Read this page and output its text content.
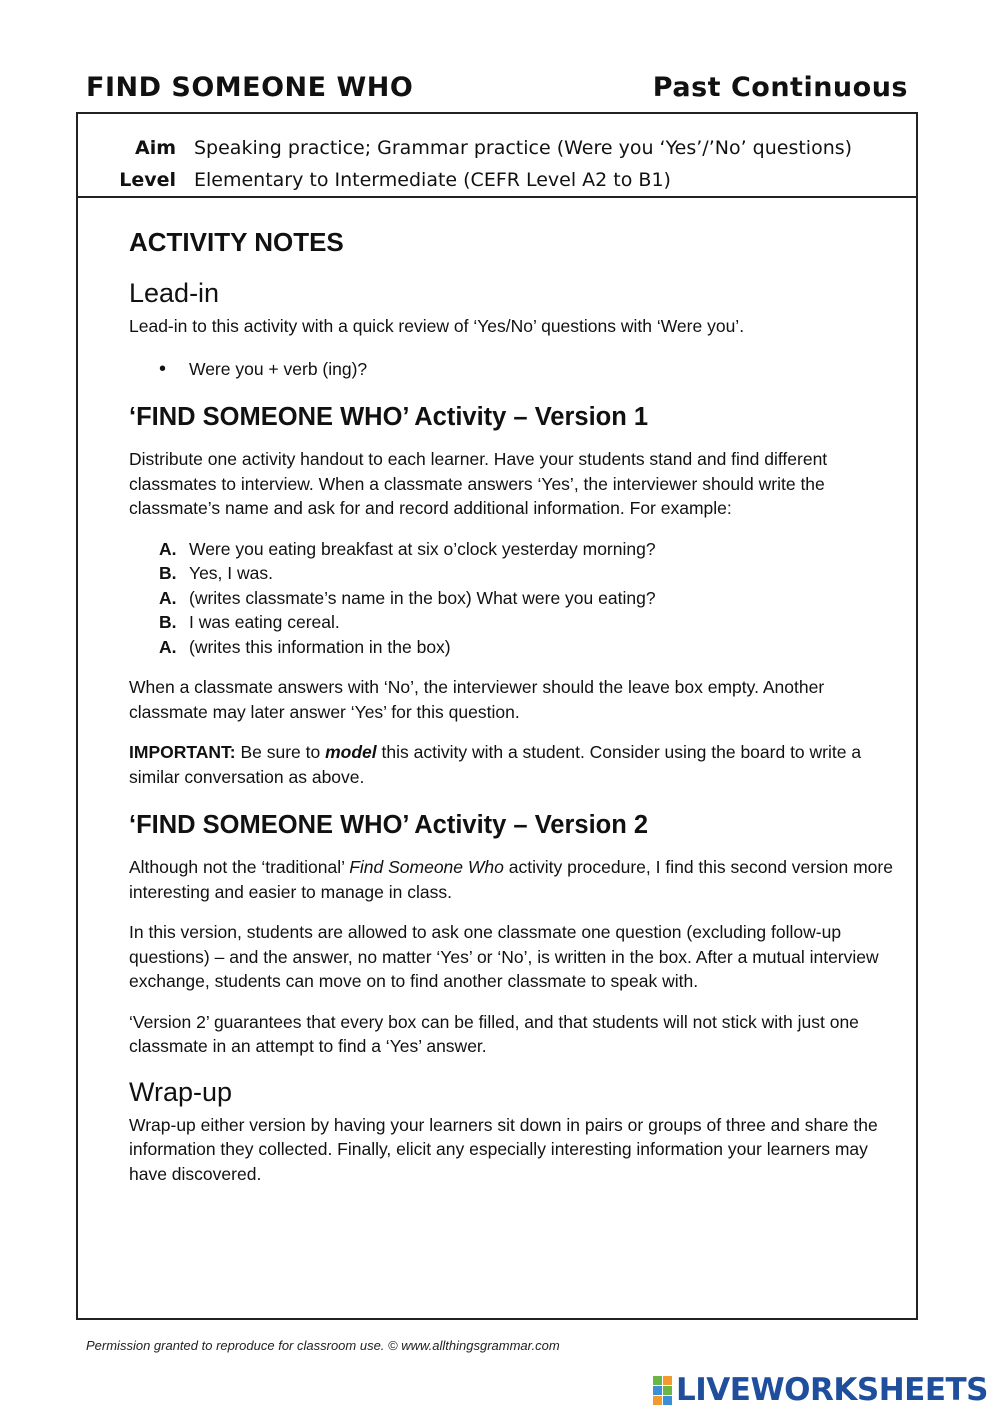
FIND SOMEONE WHO	Past Continuous
Aim Speaking practice; Grammar practice (Were you ‘Yes’/’No’ questions)
Level Elementary to Intermediate (CEFR Level A2 to B1)
ACTIVITY NOTES
Lead-in

Lead-in to this activity with a quick review of ‘Yes/No’ questions with ‘Were you’.

• Were you + verb (ing)?
‘FIND SOMEONE WHO’ Activity – Version 1

Distribute one activity handout to each learner. Have your students stand and find different classmates to interview. When a classmate answers ‘Yes’, the interviewer should write the classmate’s name and ask for and record additional information. For example:

A. Were you eating breakfast at six o’clock yesterday morning?
B. Yes, I was.
A. (writes classmate’s name in the box) What were you eating?
B. I was eating cereal.
A. (writes this information in the box)

When a classmate answers with ‘No’, the interviewer should the leave box empty. Another classmate may later answer ‘Yes’ for this question.

IMPORTANT: Be sure to model this activity with a student. Consider using the board to write a similar conversation as above.

‘FIND SOMEONE WHO’ Activity – Version 2

Although not the ‘traditional’ Find Someone Who activity procedure, I find this second version more interesting and easier to manage in class.

In this version, students are allowed to ask one classmate one question (excluding follow-up questions) – and the answer, no matter ‘Yes’ or ‘No’, is written in the box. After a mutual interview exchange, students can move on to find another classmate to speak with.

‘Version 2’ guarantees that every box can be filled, and that students will not stick with just one classmate in an attempt to find a ‘Yes’ answer.

Wrap-up

Wrap-up either version by having your learners sit down in pairs or groups of three and share the information they collected. Finally, elicit any especially interesting information your learners may have discovered.

Permission granted to reproduce for classroom use. © www.allthingsgrammar.com
LIVEWORKSHEETS
